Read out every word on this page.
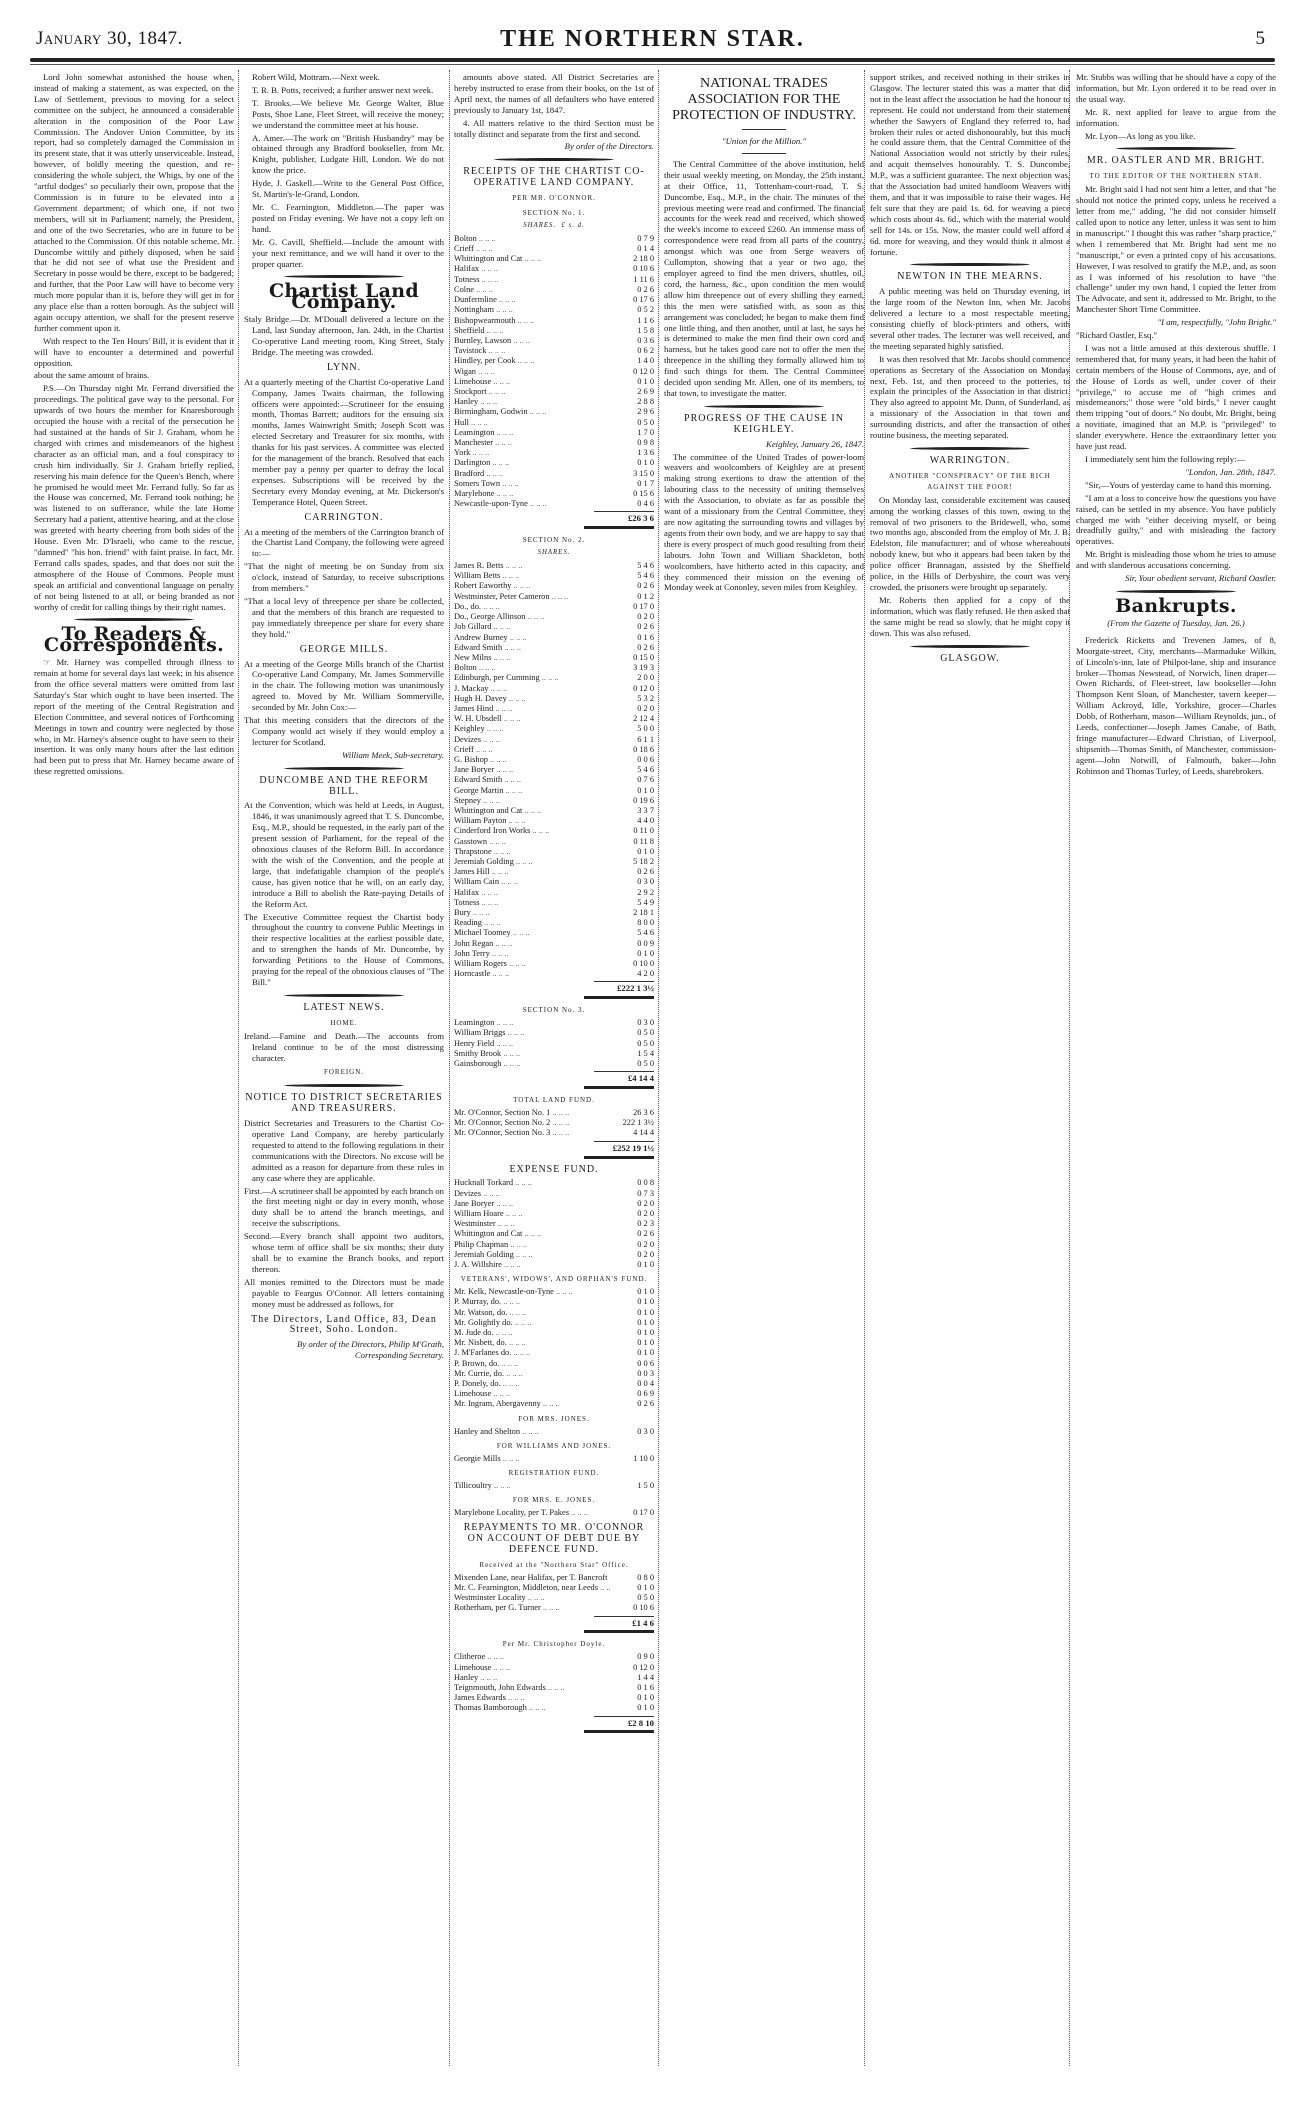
January 30, 1847.	THE NORTHERN STAR.	5

Lord John somewhat astonished the house when, instead of making a statement, as was expected, on the Law of Settlement, previous to moving for a select committee on the subject, he announced a considerable alteration in the composition of the Poor Law Commission. The Andover Union Committee, by its report, had so completely damaged the Commission in its present state, that it was utterly unserviceable. Instead, however, of boldly meeting the question, and re-considering the whole subject, the Whigs, by one of the "artful dodges" so peculiarly their own, propose that the Commission is in future to be elevated into a Government department; of which one, if not two members, will sit in Parliament; namely, the President, and one of the two Secretaries, who are in future to be attached to the Commission. Of this notable scheme, Mr. Duncombe wittily and pithely disposed, when he said that he did not see of what use the President and Secretary in posse would be there, except to be badgered; and further, that the Poor Law will have to become very much more popular than it is, before they will get in for any place else than a rotten borough. As the subject will again occupy attention, we shall for the present reserve further comment upon it.

With respect to the Ten Hours' Bill, it is evident that it will have to encounter a determined and powerful opposition.

about the same amount of brains.

P.S.—On Thursday night Mr. Ferrand diversified the proceedings. The political gave way to the personal. For upwards of two hours the member for Knaresborough occupied the house with a recital of the persecution he had sustained at the hands of Sir J. Graham, whom he charged with crimes and misdemeanors of the highest character as an official man, and a foul conspiracy to crush him individually. Sir J. Graham briefly replied, reserving his main defence for the Queen's Bench, where he promised he would meet Mr. Ferrand fully. So far as the House was concerned, Mr. Ferrand took nothing; he was listened to on sufferance, while the late Home Secretary had a patient, attentive hearing, and at the close was greeted with hearty cheering from both sides of the House. Even Mr. D'Israeli, who came to the rescue, "damned" "his hon. friend" with faint praise. In fact, Mr. Ferrand calls spades, spades, and that does not suit the atmosphere of the House of Commons. People must speak an artificial and conventional language on penalty of not being listened to at all, or being branded as not worthy of credit for calling things by their right names.

To Readers & Correspondents.

☞ Mr. Harney was compelled through illness to remain at home for several days last week; in his absence from the office several matters were omitted from last Saturday's Star which ought to have been inserted. The report of the meeting of the Central Registration and Election Committee, and several notices of Forthcoming Meetings in town and country were neglected by those who, in Mr. Harney's absence ought to have seen to their insertion. It was only many hours after the last edition had been put to press that Mr. Harney became aware of these regretted omissions.

Robert Wild, Mottram.—Next week.

T. R. B. Potts, received; a further answer next week.

T. Brooks.—We believe Mr. George Walter, Blue Posts, Shoe Lane, Fleet Street, will receive the money; we understand the committee meet at his house.

A. Amer.—The work on "British Husbandry" may be obtained through any Bradford bookseller, from Mr. Knight, publisher, Ludgate Hill, London. We do not know the price.

Hyde, J. Gaskell.—Write to the General Post Office, St. Martin's-le-Grand, London.

Mr. C. Fearnington, Middleton.—The paper was posted on Friday evening. We have not a copy left on hand.

Mr. G. Cavill, Sheffield.—Include the amount with your next remittance, and we will hand it over to the proper quarter.

Chartist Land Company.

Staly Bridge.—Dr. M'Douall delivered a lecture on the Land, last Sunday afternoon, Jan. 24th, in the Chartist Co-operative Land meeting room, King Street, Staly Bridge. The meeting was crowded.

LYNN.

At a quarterly meeting of the Chartist Co-operative Land Company, James Twaits chairman, the following officers were appointed:—Scrutineer for the ensuing month, Thomas Barrett; auditors for the ensuing six months, James Wainwright Smith; Joseph Scott was elected Secretary and Treasurer for six months, with thanks for his past services. A committee was elected for the management of the branch. Resolved that each member pay a penny per quarter to defray the local expenses. Subscriptions will be received by the Secretary every Monday evening, at Mr. Dickerson's Temperance Hotel, Queen Street.

CARRINGTON.

At a meeting of the members of the Carrington branch of the Chartist Land Company, the following were agreed to:—

"That the night of meeting be on Sunday from six o'clock, instead of Saturday, to receive subscriptions from members."

"That a local levy of threepence per share be collected, and that the members of this branch are requested to pay immediately threepence per share for every share they hold."

GEORGE MILLS.

At a meeting of the George Mills branch of the Chartist Co-operative Land Company, Mr. James Sommerville in the chair. The following motion was unanimously agreed to. Moved by Mr. William Sommerville, seconded by Mr. John Cox:—

That this meeting considers that the directors of the Company would act wisely if they would employ a lecturer for Scotland.

William Meek, Sub-secretary.
DUNCOMBE AND THE REFORM BILL.

At the Convention, which was held at Leeds, in August, 1846, it was unanimously agreed that T. S. Duncombe, Esq., M.P., should be requested, in the early part of the present session of Parliament, for the repeal of the obnoxious clauses of the Reform Bill. In accordance with the wish of the Convention, and the people at large, that indefatigable champion of the people's cause, has given notice that he will, on an early day, introduce a Bill to abolish the Rate-paying Details of the Reform Act.

The Executive Committee request the Chartist body throughout the country to convene Public Meetings in their respective localities at the earliest possible date, and to strengthen the hands of Mr. Duncombe, by forwarding Petitions to the House of Commons, praying for the repeal of the obnoxious clauses of "The Bill."

LATEST NEWS.
HOME.

Ireland.—Famine and Death.—The accounts from Ireland continue to be of the most distressing character.

FOREIGN.
NOTICE TO DISTRICT SECRETARIES AND TREASURERS.

District Secretaries and Treasurers to the Chartist Co-operative Land Company, are hereby particularly requested to attend to the following regulations in their communications with the Directors. No excuse will be admitted as a reason for departure from these rules in any case where they are applicable.

First.—A scrutineer shall be appointed by each branch on the first meeting night or day in every month, whose duty shall be to attend the branch meetings, and receive the subscriptions.

Second.—Every branch shall appoint two auditors, whose term of office shall be six months; their duty shall be to examine the Branch books, and report thereon.

All monies remitted to the Directors must be made payable to Feargus O'Connor. All letters containing money must be addressed as follows, for

The Directors, Land Office, 83, Dean Street, Soho. London.
By order of the Directors, Philip M'Grath, Corresponding Secretary.

amounts above stated. All District Secretaries are hereby instructed to erase from their books, on the 1st of April next, the names of all defaulters who have entered previously to January 1st, 1847.

4. All matters relative to the third Section must be totally distinct and separate from the first and second.

By order of the Directors.
RECEIPTS OF THE CHARTIST CO-OPERATIVE LAND COMPANY.
PER MR. O'CONNOR.
SECTION No. 1.
SHARES.  £ s. d.
Bolton ..	0 7 9
Crieff ..	0 1 4
Whittington and Cat ..	2 18 0
Halifax ..	0 10 6
Totness ..	1 11 6
Colne ..	0 2 6
Dunfermline ..	0 17 6
Nottingham ..	0 5 2
Bishopwearmouth ..	1 1 6
Sheffield ..	1 5 8
Burnley, Lawson ..	0 3 6
Tavistock ..	0 6 2
Hindley, per Cook ..	1 4 0
Wigan ..	0 12 0
Limehouse ..	0 1 0
Stockport ..	2 6 9
Hanley ..	2 8 8
Birmingham, Godwin ..	2 9 6
Hull ..	0 5 0
Leamington ..	1 7 0
Manchester ..	0 9 8
York ..	1 3 6
Darlington ..	0 1 0
Bradford ..	3 15 0
Somers Town ..	0 1 7
Marylebone ..	0 15 6
Newcastle-upon-Tyne ..	0 4 6
£26 3 6
SECTION No. 2.
SHARES.
James R. Betts ..	5 4 6
William Betts ..	5 4 6
Robert Eaworthy ..	0 2 6
Westminster, Peter Cameron ..	0 1 2
Do., do. ..	0 17 0
Do., George Allinson ..	0 2 0
Job Gillard ..	0 2 6
Andrew Burney ..	0 1 6
Edward Smith ..	0 2 6
New Milns ..	0 15 0
Bolton ..	3 19 3
Edinburgh, per Cumming ..	2 0 0
J. Mackay ..	0 12 0
Hugh H. Davey ..	5 3 2
James Hind ..	0 2 0
W. H. Ubsdell ..	2 12 4
Keighley ..	5 0 0
Devizes ..	6 1 1
Crieff ..	0 18 6
G. Bishop ..	0 0 6
Jane Boryer ..	5 4 6
Edward Smith ..	0 7 6
George Martin ..	0 1 0
Stepney ..	0 19 6
Whittington and Cat ..	3 3 7
William Payton ..	4 4 0
Cinderford Iron Works ..	0 11 0
Gasstown ..	0 11 8
Thrapstone ..	0 1 0
Jeremiah Golding ..	5 18 2
James Hill ..	0 2 6
William Cain ..	0 3 0
Halifax ..	2 9 2
Totness ..	5 4 9
Bury ..	2 18 1
Reading ..	8 0 0
Michael Toomey ..	5 4 6
John Regan ..	0 0 9
John Terry ..	0 1 0
William Rogers ..	0 10 0
Horncastle ..	4 2 0
£222 1 3½
SECTION No. 3.
Leamington ..	0 3 0
William Briggs ..	0 5 0
Henry Field ..	0 5 0
Smithy Brook ..	1 5 4
Gainsborough ..	0 5 0
£4 14 4
TOTAL LAND FUND.
Mr. O'Connor, Section No. 1 ..	26 3 6
Mr. O'Connor, Section No. 2 ..	222 1 3½
Mr. O'Connor, Section No. 3 ..	4 14 4
£252 19 1½
EXPENSE FUND.
Hucknall Torkard ..	0 0 8
Devizes ..	0 7 3
Jane Boryer ..	0 2 0
William Hoare ..	0 2 0
Westminster ..	0 2 3
Whittington and Cat ..	0 2 6
Philip Chapman ..	0 2 0
Jeremiah Golding ..	0 2 0
J. A. Willshire ..	0 1 0
VETERANS', WIDOWS', AND ORPHAN'S FUND.
Mr. Kelk, Newcastle-on-Tyne ..	0 1 0
P. Murray, do. ..	0 1 0
Mr. Watson, do. ..	0 1 0
Mr. Golightly do. ..	0 1 0
M. Jude do. ..	0 1 0
Mr. Nisbett, do. ..	0 1 0
J. M'Farlanes do. ..	0 1 0
P. Brown, do. ..	0 0 6
Mr. Currie, do. ..	0 0 3
P. Donely, do. ..	0 0 4
Limehouse ..	0 6 9
Mr. Ingram, Abergavenny ..	0 2 6
FOR MRS. JONES.
Hanley and Shelton ..	0 3 0
FOR WILLIAMS AND JONES.
Georgie Mills ..	1 10 0
REGISTRATION FUND.
Tillicoultry ..	1 5 0
FOR MRS. E. JONES.
Marylebone Locality, per T. Pakes ..	0 17 0
REPAYMENTS TO MR. O'CONNOR ON ACCOUNT OF DEBT DUE BY DEFENCE FUND.
Received at the "Northern Star" Office.
Mixenden Lane, near Halifax, per T. Bancroft ..	0 8 0
Mr. C. Fearnington, Middleton, near Leeds ..	0 1 0
Westminster Locality ..	0 5 0
Rotherham, per G. Turner ..	0 10 6
£1 4 6
Per Mr. Christopher Doyle.
Clitheroe ..	0 9 0
Limehouse ..	0 12 0
Hanley ..	1 4 4
Teignmouth, John Edwards ..	0 1 6
James Edwards ..	0 1 0
Thomas Bamborough ..	0 1 0
£2 8 10
NATIONAL TRADES ASSOCIATION FOR THE PROTECTION OF INDUSTRY.
"Union for the Million."

The Central Committee of the above institution, held their usual weekly meeting, on Monday, the 25th instant, at their Office, 11, Tottenham-court-road, T. S. Duncombe, Esq., M.P., in the chair. The minutes of the previous meeting were read and confirmed. The financial accounts for the week read and received, which showed the week's income to exceed £260. An immense mass of correspondence were read from all parts of the country, amongst which was one from Serge weavers of Cullompton, showing that a year or two ago, the employer agreed to find the men drivers, shuttles, oil, cord, the harness, &c., upon condition the men would allow him threepence out of every shilling they earned, this the men were satisfied with, as soon as this arrangement was concluded; he began to make them find one little thing, and then another, until at last, he says he is determined to make the men find their own cord and harness, but he takes good care not to offer the men the threepence in the shilling they formally allowed him to find such things for them. The Central Committee decided upon sending Mr. Allen, one of its members, to that town, to investigate the matter.

PROGRESS OF THE CAUSE IN KEIGHLEY.
Keighley, January 26, 1847.

The committee of the United Trades of power-loom weavers and woolcombers of Keighley are at present making strong exertions to draw the attention of the labouring class to the necessity of uniting themselves with the Association, to obviate as far as possible the want of a missionary from the Central Committee, they are now agitating the surrounding towns and villages by agents from their own body, and we are happy to say that there is every prospect of much good resulting from their labours. John Town and William Shackleton, both woolcombers, have hitherto acted in this capacity, and they commenced their mission on the evening of Monday week at Cononley, seven miles from Keighley.

support strikes, and received nothing in their strikes in Glasgow. The lecturer stated this was a matter that did not in the least affect the association he had the honour to represent. He could not understand from their statement whether the Sawyers of England they referred to, had broken their rules or acted dishonourably, but this much he could assure them, that the Central Committee of the National Association would not strictly by their rules, and acquit themselves honourably. T. S. Duncombe, M.P., was a sufficient guarantee. The next objection was, that the Association had united handloom Weavers with them, and that it was impossible to raise their wages. He felt sure that they are paid 1s. 6d. for weaving a piece which costs about 4s. 6d., which with the material would sell for 14s. or 15s. Now, the master could well afford a 6d. more for weaving, and they would think it almost a fortune.

NEWTON IN THE MEARNS.

A public meeting was held on Thursday evening, in the large room of the Newton Inn, when Mr. Jacobs delivered a lecture to a most respectable meeting, consisting chiefly of block-printers and others, with several other trades. The lecturer was well received, and the meeting separated highly satisfied.

It was then resolved that Mr. Jacobs should commence operations as Secretary of the Association on Monday next, Feb. 1st, and then proceed to the potteries, to explain the principles of the Association in that district. They also agreed to appoint Mr. Dunn, of Sunderland, as a missionary of the Association in that town and surrounding districts, and after the transaction of other routine business, the meeting separated.

WARRINGTON.
ANOTHER "CONSPIRACY" OF THE RICH AGAINST THE POOR!

On Monday last, considerable excitement was caused among the working classes of this town, owing to the removal of two prisoners to the Bridewell, who, some two months ago, absconded from the employ of Mr. J. B. Edelston, file manufacturer; and of whose whereabouts nobody knew, but who it appears had been taken by the police officer Brannagan, assisted by the Sheffield police, in the Hills of Derbyshire, the court was very crowded, the prisoners were brought up separately.

Mr. Roberts then applied for a copy of the information, which was flatly refused. He then asked that the same might be read so slowly, that he might copy it down. This was also refused.

GLASGOW.

Mr. Stubbs was willing that he should have a copy of the information, but Mr. Lyon ordered it to be read over in the usual way.

Mr. R. next applied for leave to argue from the information.

Mr. Lyon—As long as you like.

MR. OASTLER AND MR. BRIGHT.
TO THE EDITOR OF THE NORTHERN STAR.

Mr. Bright said I had not sent him a letter, and that "he should not notice the printed copy, unless he received a letter from me," adding, "he did not consider himself called upon to notice any letter, unless it was sent to him in manuscript." I thought this was rather "sharp practice," when I remembered that Mr. Bright had sent me no "manuscript," or even a printed copy of his accusations. However, I was resolved to gratify the M.P., and, as soon as I was informed of his resolution to have "the challenge" under my own hand, I copied the letter from The Advocate, and sent it, addressed to Mr. Bright, to the Manchester Short Time Committee.

"I am, respectfully, "John Bright."

"Richard Oastler, Esq."

I was not a little amused at this dexterous shuffle. I remembered that, for many years, it had been the habit of certain members of the House of Commons, aye, and of the House of Lords as well, under cover of their "privilege," to accuse me of "high crimes and misdemeanors;" those were "old birds," I never caught them tripping "out of doors." No doubt, Mr. Bright, being a novitiate, imagined that an M.P. is "privileged" to slander everywhere. Hence the extraordinary letter you have just read.

I immediately sent him the following reply:—

"London, Jan. 28th, 1847.

"Sir,—Yours of yesterday came to hand this morning.

"I am at a loss to conceive how the questions you have raised, can be settled in my absence. You have publicly charged me with "either deceiving myself, or being dreadfully guilty," and with misleading the factory operatives.

Mr. Bright is misleading those whom he tries to amuse and with slanderous accusations concerning.

Sir, Your obedient servant, Richard Oastler.
Bankrupts.
(From the Gazette of Tuesday, Jan. 26.)

Frederick Ricketts and Trevenen James, of 8, Moorgate-street, City, merchants—Marmaduke Wilkin, of Lincoln's-inn, late of Philpot-lane, ship and insurance broker—Thomas Newstead, of Norwich, linen draper—Owen Richards, of Fleet-street, law bookseller—John Thompson Kent Sloan, of Manchester, tavern keeper—William Ackroyd, Idle, Yorkshire, grocer—Charles Dobb, of Rotherham, mason—William Reynolds, jun., of Leeds, confectioner—Joseph James Canabe, of Bath, fringe manufacturer—Edward Christian, of Liverpool, shipsmith—Thomas Smith, of Manchester, commission-agent—John Notwill, of Falmouth, baker—John Robinson and Thomas Turley, of Leeds, sharebrokers.
